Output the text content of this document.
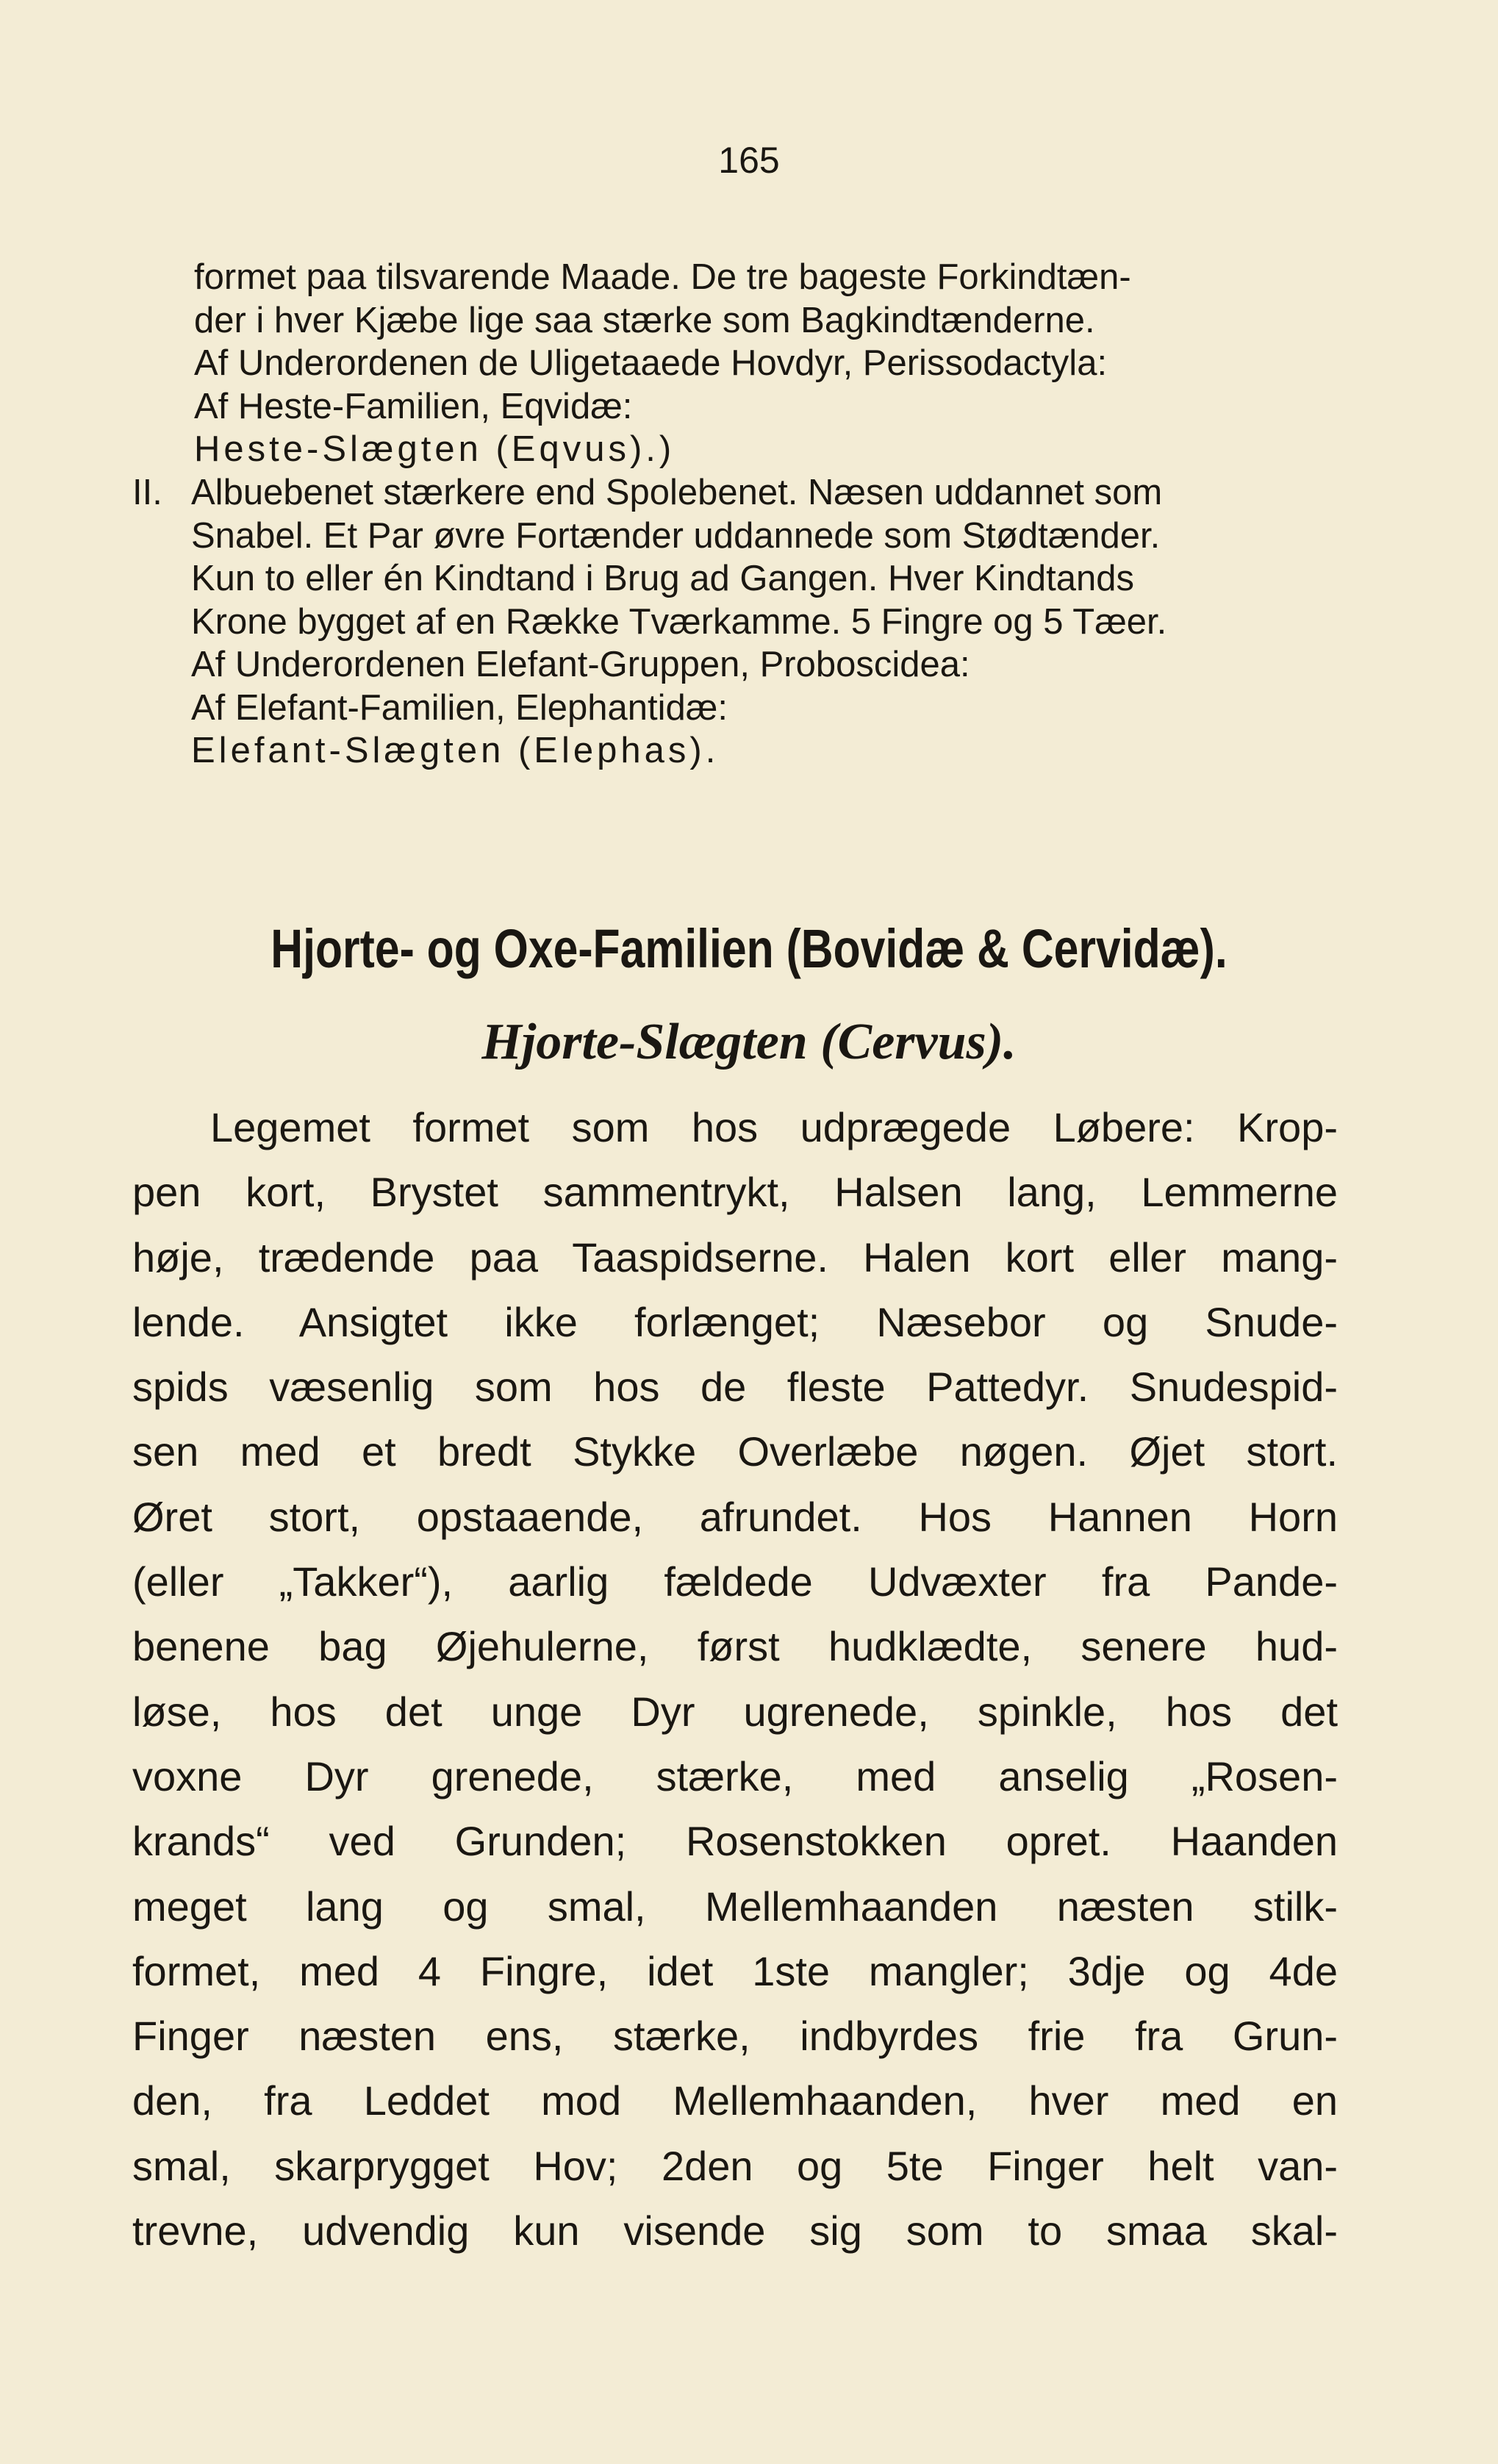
165
formet paa tilsvarende Maade. De tre bageste Forkindtæn-
der i hver Kjæbe lige saa stærke som Bagkindtænderne.
Af Underordenen de Uligetaaede Hovdyr, Perissodactyla:
Af Heste-Familien, Eqvidæ:
Heste-Slægten (Eqvus).)
II. Albuebenet stærkere end Spolebenet. Næsen uddannet som
Snabel. Et Par øvre Fortænder uddannede som Stødtænder.
Kun to eller én Kindtand i Brug ad Gangen. Hver Kindtands
Krone bygget af en Række Tværkamme. 5 Fingre og 5 Tæer.
Af Underordenen Elefant-Gruppen, Proboscidea:
Af Elefant-Familien, Elephantidæ:
Elefant-Slægten (Elephas).
Hjorte- og Oxe-Familien (Bovidæ & Cervidæ).
Hjorte-Slægten (Cervus).
Legemet formet som hos udprægede Løbere: Krop-
pen kort, Brystet sammentrykt, Halsen lang, Lemmerne
høje, trædende paa Taaspidserne. Halen kort eller mang-
lende. Ansigtet ikke forlænget; Næsebor og Snude-
spids væsenlig som hos de fleste Pattedyr. Snudespid-
sen med et bredt Stykke Overlæbe nøgen. Øjet stort.
Øret stort, opstaaende, afrundet. Hos Hannen Horn
(eller „Takker“), aarlig fældede Udvæxter fra Pande-
benene bag Øjehulerne, først hudklædte, senere hud-
løse, hos det unge Dyr ugrenede, spinkle, hos det
voxne Dyr grenede, stærke, med anselig „Rosen-
krands“ ved Grunden; Rosenstokken opret. Haanden
meget lang og smal, Mellemhaanden næsten stilk-
formet, med 4 Fingre, idet 1ste mangler; 3dje og 4de
Finger næsten ens, stærke, indbyrdes frie fra Grun-
den, fra Leddet mod Mellemhaanden, hver med en
smal, skarprygget Hov; 2den og 5te Finger helt van-
trevne, udvendig kun visende sig som to smaa skal-
